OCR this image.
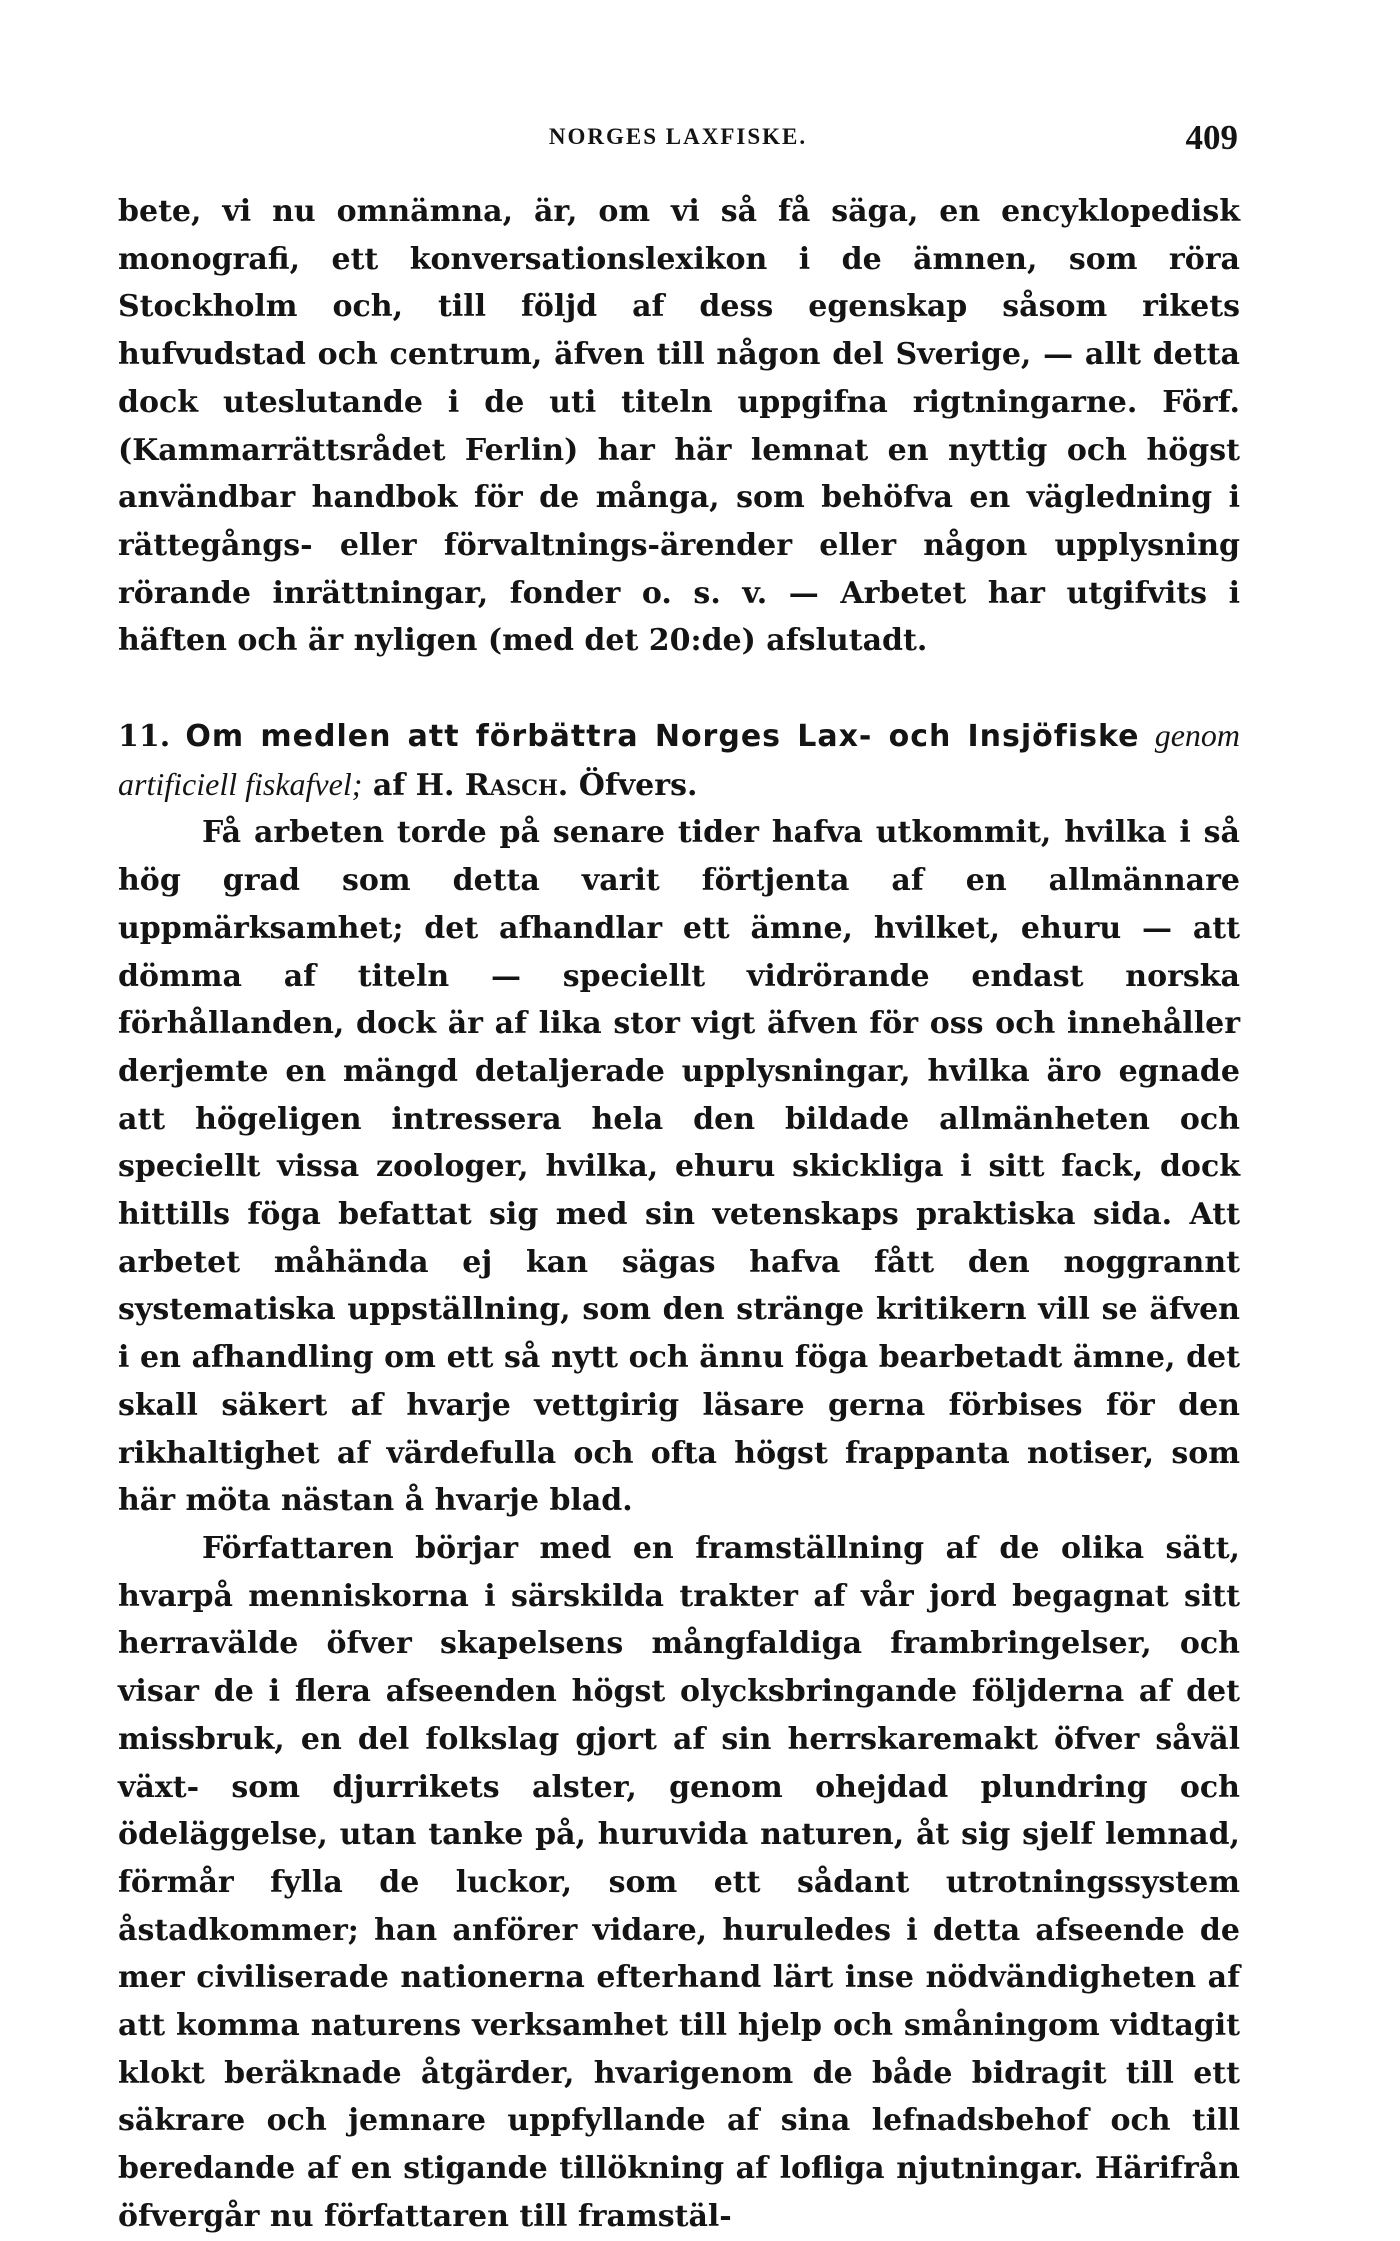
NORGES LAXFISKE.	409

bete, vi nu omnämna, är, om vi så få säga, en encyklopedisk monografi, ett konversationslexikon i de ämnen, som röra Stockholm och, till följd af dess egenskap såsom rikets hufvudstad och centrum, äfven till någon del Sverige, — allt detta dock uteslutande i de uti titeln uppgifna rigtningarne. Förf. (Kammarrättsrådet Ferlin) har här lemnat en nyttig och högst användbar handbok för de många, som behöfva en vägledning i rättegångs- eller förvaltnings-ärender eller någon upplysning rörande inrättningar, fonder o. s. v. — Arbetet har utgifvits i häften och är nyligen (med det 20:de) afslutadt.

11. Om medlen att förbättra Norges Lax- och Insjöfiske genom artificiell fiskafvel; af H. Rasch. Öfvers.

Få arbeten torde på senare tider hafva utkommit, hvilka i så hög grad som detta varit förtjenta af en allmännare uppmärksamhet; det afhandlar ett ämne, hvilket, ehuru — att dömma af titeln — speciellt vidrörande endast norska förhållanden, dock är af lika stor vigt äfven för oss och innehåller derjemte en mängd detaljerade upplysningar, hvilka äro egnade att högeligen intressera hela den bildade allmänheten och speciellt vissa zoologer, hvilka, ehuru skickliga i sitt fack, dock hittills föga befattat sig med sin vetenskaps praktiska sida. Att arbetet måhända ej kan sägas hafva fått den noggrannt systematiska uppställning, som den stränge kritikern vill se äfven i en afhandling om ett så nytt och ännu föga bearbetadt ämne, det skall säkert af hvarje vettgirig läsare gerna förbises för den rikhaltighet af värdefulla och ofta högst frappanta notiser, som här möta nästan å hvarje blad.

Författaren börjar med en framställning af de olika sätt, hvarpå menniskorna i särskilda trakter af vår jord begagnat sitt herravälde öfver skapelsens mångfaldiga frambringelser, och visar de i flera afseenden högst olycksbringande följderna af det missbruk, en del folkslag gjort af sin herrskaremakt öfver såväl växt- som djurrikets alster, genom ohejdad plundring och ödeläggelse, utan tanke på, huruvida naturen, åt sig sjelf lemnad, förmår fylla de luckor, som ett sådant utrotningssystem åstadkommer; han anförer vidare, huruledes i detta afseende de mer civiliserade nationerna efterhand lärt inse nödvändigheten af att komma naturens verksamhet till hjelp och småningom vidtagit klokt beräknade åtgärder, hvarigenom de både bidragit till ett säkrare och jemnare uppfyllande af sina lefnadsbehof och till beredande af en stigande tillökning af lofliga njutningar. Härifrån öfvergår nu författaren till framstäl-
